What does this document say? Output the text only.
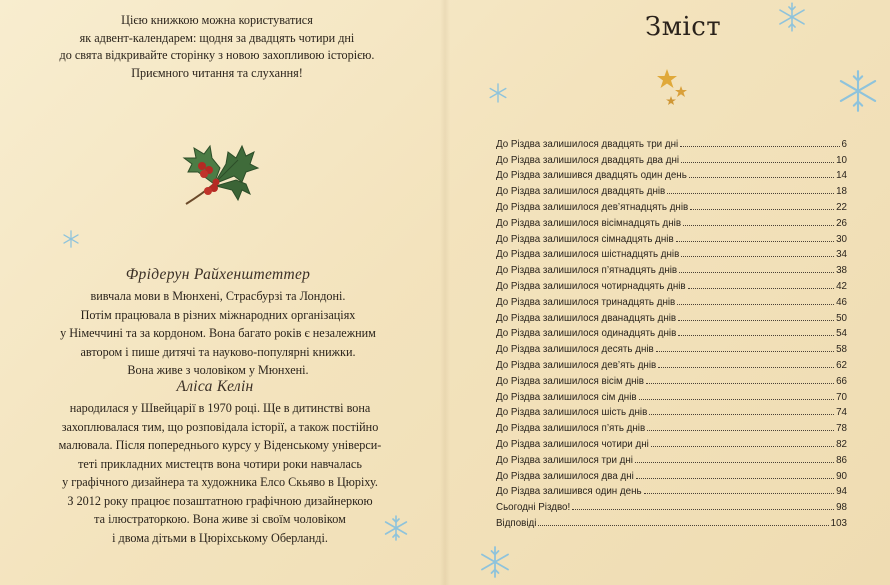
Цією книжкою можна користуватися
як адвент-календарем: щодня за двадцять чотири дні
до свята відкривайте сторінку з новою захопливою історією.
Приємного читання та слухання!
Фрідерун Райхенштеттер
вивчала мови в Мюнхені, Страсбурзі та Лондоні.
Потім працювала в різних міжнародних організаціях
у Німеччині та за кордоном. Вона багато років є незалежним
автором і пише дитячі та науково-популярні книжки.
Вона живе з чоловіком у Мюнхені.
Аліса Келін
народилася у Швейцарії в 1970 році. Ще в дитинстві вона
захоплювалася тим, що розповідала історії, а також постійно
малювала. Після попереднього курсу у Віденському універси-
теті прикладних мистецтв вона чотири роки навчалась
у графічного дизайнера та художника Елсо Скьяво в Цюріху.
З 2012 року працює позаштатною графічною дизайнеркою
та ілюстраторкою. Вона живе зі своїм чоловіком
і двома дітьми в Цюріхському Оберланді.
Зміст
До Різдва залишилося двадцять три дні	6
До Різдва залишилося двадцять два дні	10
До Різдва залишився двадцять один день	14
До Різдва залишилося двадцять днів	18
До Різдва залишилося дев’ятнадцять днів	22
До Різдва залишилося вісімнадцять днів	26
До Різдва залишилося сімнадцять днів	30
До Різдва залишилося шістнадцять днів	34
До Різдва залишилося п’ятнадцять днів	38
До Різдва залишилося чотирнадцять днів	42
До Різдва залишилося тринадцять днів	46
До Різдва залишилося дванадцять днів	50
До Різдва залишилося одинадцять днів	54
До Різдва залишилося десять днів	58
До Різдва залишилося дев’ять днів	62
До Різдва залишилося вісім днів	66
До Різдва залишилося сім днів	70
До Різдва залишилося шість днів	74
До Різдва залишилося п’ять днів	78
До Різдва залишилося чотири дні	82
До Різдва залишилося три дні	86
До Різдва залишилося два дні	90
До Різдва залишився один день	94
Сьогодні Різдво!	98
Відповіді	103
